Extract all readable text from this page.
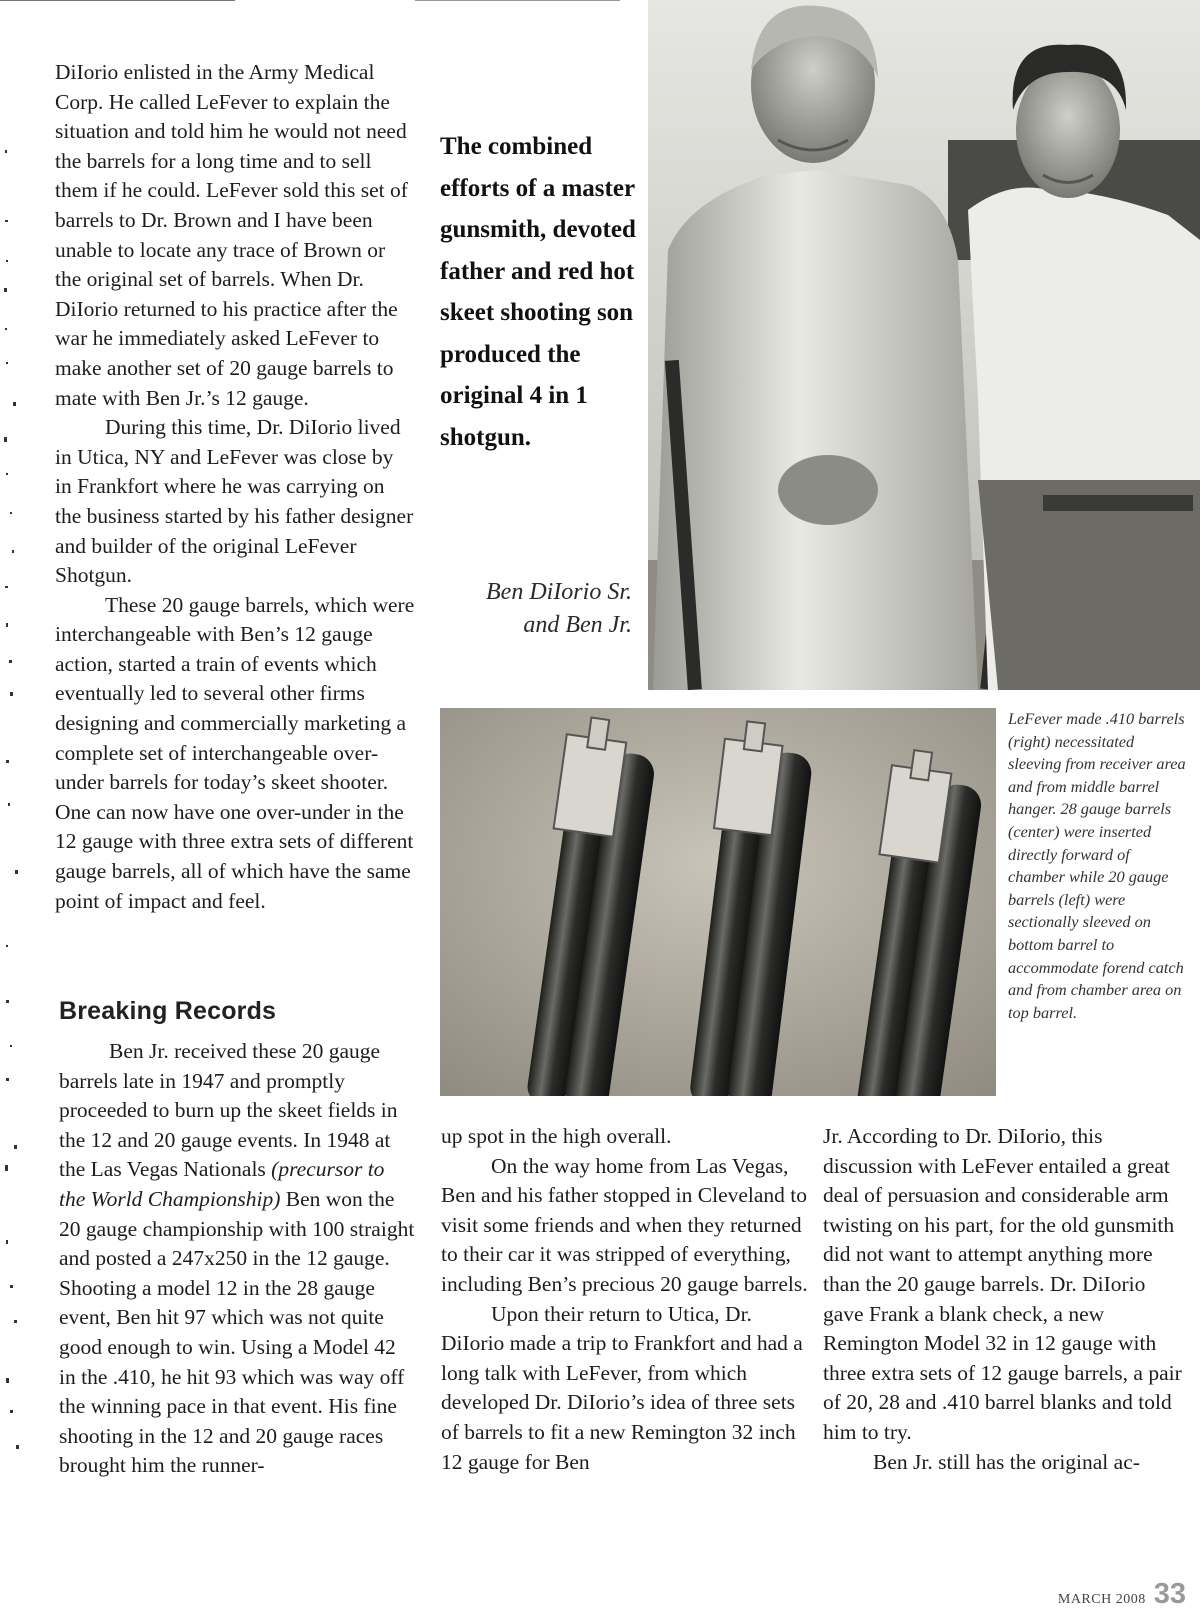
DiIorio enlisted in the Army Medical Corp. He called LeFever to explain the situation and told him he would not need the barrels for a long time and to sell them if he could. LeFever sold this set of barrels to Dr. Brown and I have been unable to locate any trace of Brown or the original set of barrels. When Dr. DiIorio returned to his practice after the war he immediately asked LeFever to make another set of 20 gauge barrels to mate with Ben Jr.’s 12 gauge.

During this time, Dr. DiIorio lived in Utica, NY and LeFever was close by in Frankfort where he was carrying on the business started by his father designer and builder of the original LeFever Shotgun.

These 20 gauge barrels, which were interchangeable with Ben’s 12 gauge action, started a train of events which eventually led to several other firms designing and commercially marketing a complete set of interchangeable over-under barrels for today’s skeet shooter. One can now have one over-under in the 12 gauge with three extra sets of different gauge barrels, all of which have the same point of impact and feel.

Breaking Records

Ben Jr. received these 20 gauge barrels late in 1947 and promptly proceeded to burn up the skeet fields in the 12 and 20 gauge events. In 1948 at the Las Vegas Nationals (precursor to the World Championship) Ben won the 20 gauge championship with 100 straight and posted a 247x250 in the 12 gauge. Shooting a model 12 in the 28 gauge event, Ben hit 97 which was not quite good enough to win. Using a Model 42 in the .410, he hit 93 which was way off the winning pace in that event. His fine shooting in the 12 and 20 gauge races brought him the runner-

The combined efforts of a master gunsmith, devoted father and red hot skeet shooting son produced the original 4 in 1 shotgun.

Ben DiIorio Sr.
and Ben Jr.

LeFever made .410 barrels (right) necessitated sleeving from receiver area and from middle barrel hanger. 28 gauge barrels (center) were inserted directly forward of chamber while 20 gauge barrels (left) were sectionally sleeved on bottom barrel to accommodate forend catch and from chamber area on top barrel.

up spot in the high overall.

On the way home from Las Vegas, Ben and his father stopped in Cleveland to visit some friends and when they returned to their car it was stripped of everything, including Ben’s precious 20 gauge barrels.

Upon their return to Utica, Dr. DiIorio made a trip to Frankfort and had a long talk with LeFever, from which developed Dr. DiIorio’s idea of three sets of barrels to fit a new Remington 32 inch 12 gauge for Ben

Jr. According to Dr. DiIorio, this discussion with LeFever entailed a great deal of persuasion and considerable arm twisting on his part, for the old gunsmith did not want to attempt anything more than the 20 gauge barrels. Dr. DiIorio gave Frank a blank check, a new Remington Model 32 in 12 gauge with three extra sets of 12 gauge barrels, a pair of 20, 28 and .410 barrel blanks and told him to try.

Ben Jr. still has the original ac-

MARCH 2008 33
